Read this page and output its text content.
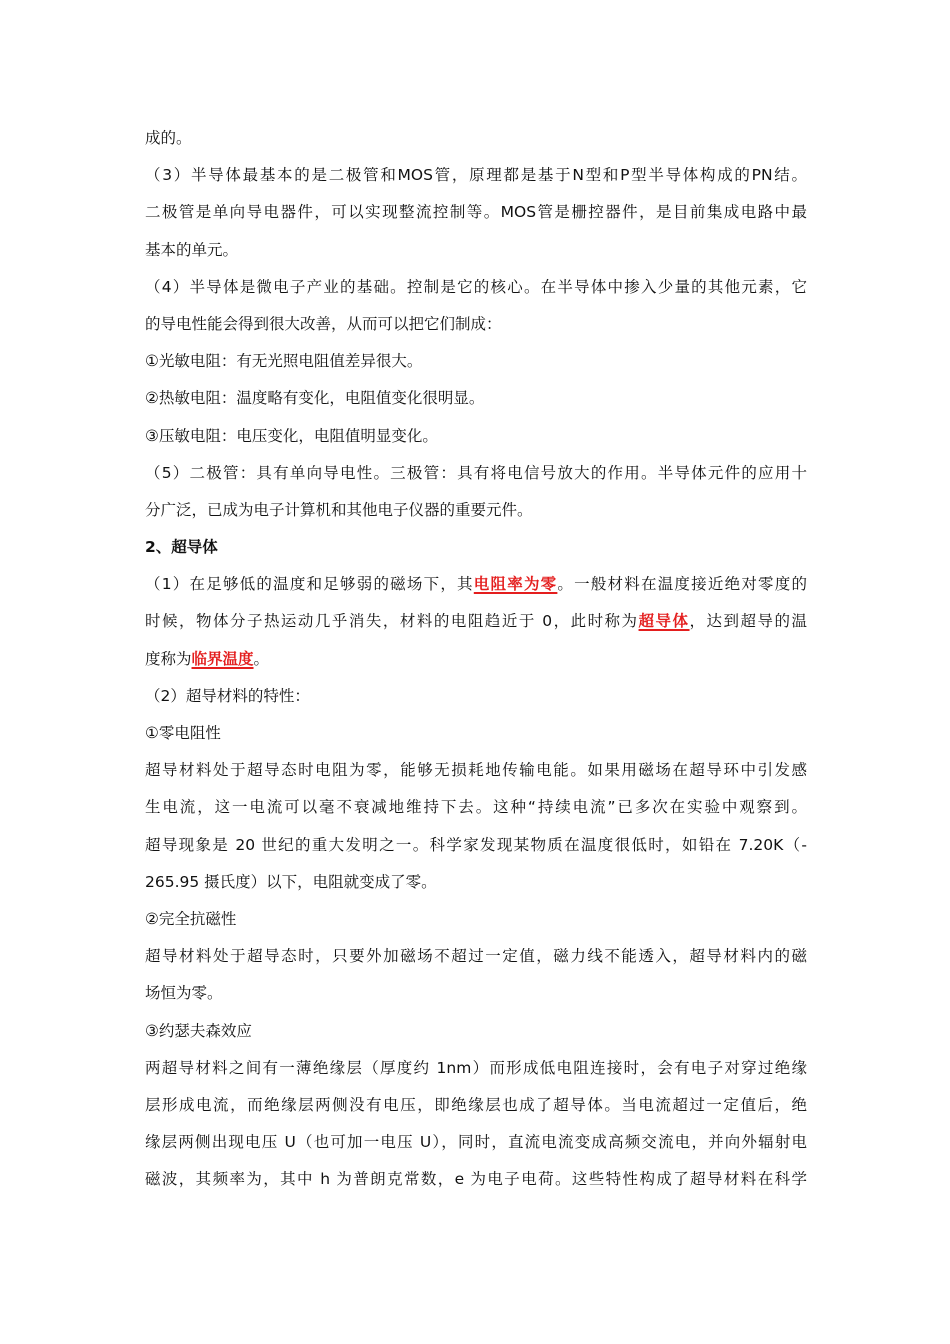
成的。
（3）半导体最基本的是二极管和MOS管，原理都是基于N型和P型半导体构成的PN结。
二极管是单向导电器件，可以实现整流控制等。MOS管是栅控器件，是目前集成电路中最
基本的单元。
（4）半导体是微电子产业的基础。控制是它的核心。在半导体中掺入少量的其他元素，它
的导电性能会得到很大改善，从而可以把它们制成：
①光敏电阻：有无光照电阻值差异很大。
②热敏电阻：温度略有变化，电阻值变化很明显。
③压敏电阻：电压变化，电阻值明显变化。
（5）二极管：具有单向导电性。三极管：具有将电信号放大的作用。半导体元件的应用十
分广泛，已成为电子计算机和其他电子仪器的重要元件。
2、超导体
（1）在足够低的温度和足够弱的磁场下，其电阻率为零。一般材料在温度接近绝对零度的
时候，物体分子热运动几乎消失，材料的电阻趋近于 0，此时称为超导体，达到超导的温
度称为临界温度。
（2）超导材料的特性：
①零电阻性
超导材料处于超导态时电阻为零，能够无损耗地传输电能。如果用磁场在超导环中引发感
生电流，这一电流可以毫不衰减地维持下去。这种“持续电流”已多次在实验中观察到。
超导现象是 20 世纪的重大发明之一。科学家发现某物质在温度很低时，如铅在 7.20K（-
265.95 摄氏度）以下，电阻就变成了零。
②完全抗磁性
超导材料处于超导态时，只要外加磁场不超过一定值，磁力线不能透入，超导材料内的磁
场恒为零。
③约瑟夫森效应
两超导材料之间有一薄绝缘层（厚度约 1nm）而形成低电阻连接时，会有电子对穿过绝缘
层形成电流，而绝缘层两侧没有电压，即绝缘层也成了超导体。当电流超过一定值后，绝
缘层两侧出现电压 U（也可加一电压 U），同时，直流电流变成高频交流电，并向外辐射电
磁波，其频率为，其中 h 为普朗克常数，e 为电子电荷。这些特性构成了超导材料在科学
